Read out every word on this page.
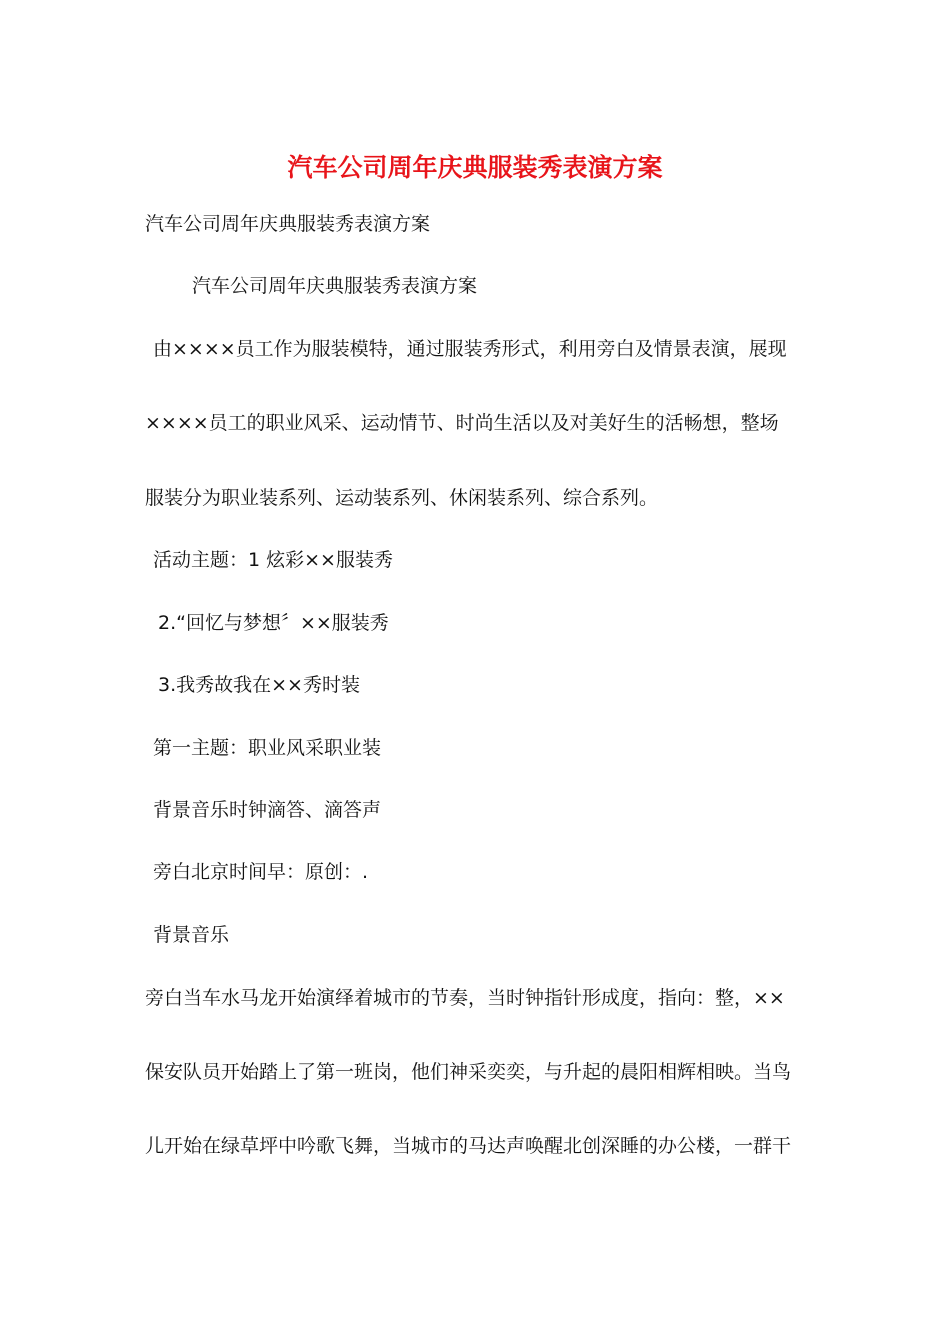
汽车公司周年庆典服装秀表演方案
汽车公司周年庆典服装秀表演方案
汽车公司周年庆典服装秀表演方案
由××××员工作为服装模特，通过服装秀形式，利用旁白及情景表演，展现
××××员工的职业风采、运动情节、时尚生活以及对美好生的活畅想，整场
服装分为职业装系列、运动装系列、休闲装系列、综合系列。
活动主题：1 炫彩××服装秀
2.“回忆与梦想〞××服装秀
3.我秀故我在××秀时装
第一主题：职业风采职业装
背景音乐时钟滴答、滴答声
旁白北京时间早：原创：.
背景音乐
旁白当车水马龙开始演绎着城市的节奏，当时钟指针形成度，指向：整，××
保安队员开始踏上了第一班岗，他们神采奕奕，与升起的晨阳相辉相映。当鸟
儿开始在绿草坪中吟歌飞舞，当城市的马达声唤醒北创深睡的办公楼，一群干
